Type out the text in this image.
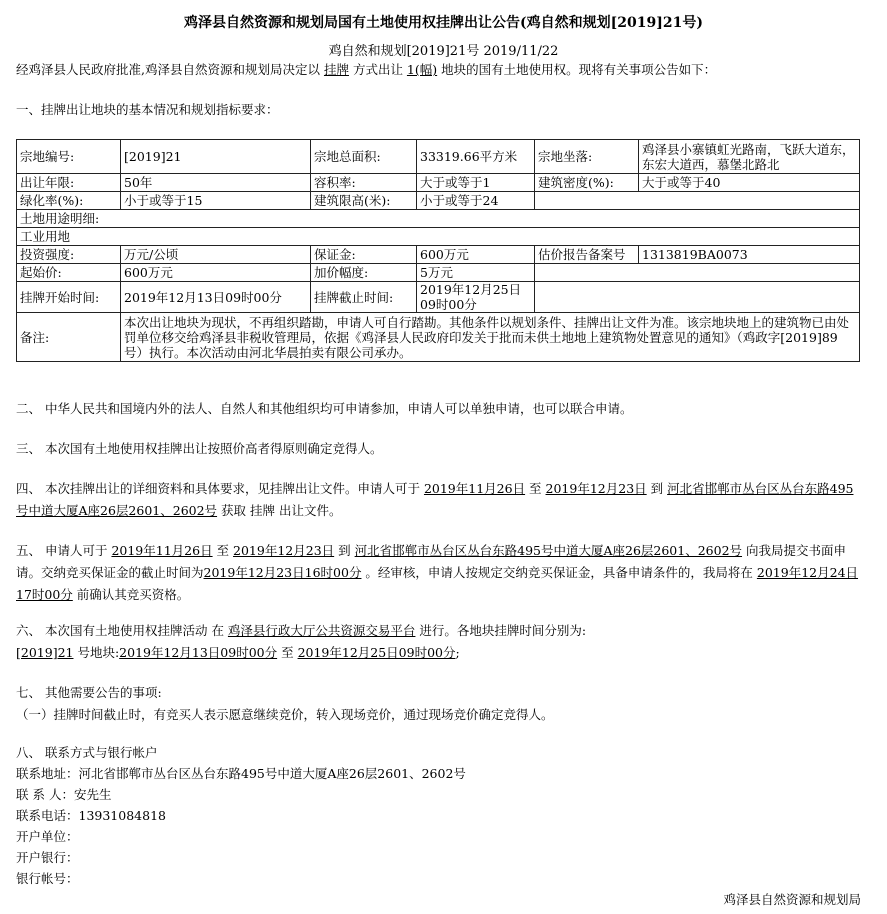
鸡泽县自然资源和规划局国有土地使用权挂牌出让公告(鸡自然和规划[2019]21号)
鸡自然和规划[2019]21号 2019/11/22
经鸡泽县人民政府批准,鸡泽县自然资源和规划局决定以 挂牌 方式出让 1(幅) 地块的国有土地使用权。现将有关事项公告如下：
一、挂牌出让地块的基本情况和规划指标要求：
宗地编号:	[2019]21	宗地总面积:	33319.66平方米	宗地坐落:	鸡泽县小寨镇虹光路南，飞跃大道东，东宏大道西，慕堡北路北
出让年限:	50年	容积率:	大于或等于1	建筑密度(%):	大于或等于40
绿化率(%):	小于或等于15	建筑限高(米):	小于或等于24		
土地用途明细:					
工业用地					
投资强度:	万元/公顷	保证金:	600万元	估价报告备案号	1313819BA0073
起始价:	600万元	加价幅度:	5万元		
挂牌开始时间:	2019年12月13日09时00分	挂牌截止时间:	2019年12月25日09时00分		
备注:	本次出让地块为现状，不再组织踏勘，申请人可自行踏勘。其他条件以规划条件、挂牌出让文件为准。该宗地块地上的建筑物已由处罚单位移交给鸡泽县非税收管理局，依据《鸡泽县人民政府印发关于批而未供土地地上建筑物处置意见的通知》（鸡政字[2019]89号）执行。本次活动由河北华晨拍卖有限公司承办。				
二、 中华人民共和国境内外的法人、自然人和其他组织均可申请参加，申请人可以单独申请，也可以联合申请。
三、 本次国有土地使用权挂牌出让按照价高者得原则确定竞得人。
四、 本次挂牌出让的详细资料和具体要求，见挂牌出让文件。申请人可于 2019年11月26日 至 2019年12月23日 到 河北省邯郸市丛台区丛台东路495号中道大厦A座26层2601、2602号 获取 挂牌 出让文件。
五、 申请人可于 2019年11月26日 至 2019年12月23日 到 河北省邯郸市丛台区丛台东路495号中道大厦A座26层2601、2602号 向我局提交书面申请。交纳竞买保证金的截止时间为2019年12月23日16时00分 。经审核，申请人按规定交纳竞买保证金，具备申请条件的，我局将在 2019年12月24日17时00分 前确认其竞买资格。
六、 本次国有土地使用权挂牌活动 在 鸡泽县行政大厅公共资源交易平台 进行。各地块挂牌时间分别为:
[2019]21 号地块:2019年12月13日09时00分 至 2019年12月25日09时00分;
七、 其他需要公告的事项:
（一）挂牌时间截止时，有竞买人表示愿意继续竞价，转入现场竞价，通过现场竞价确定竞得人。
八、 联系方式与银行帐户
联系地址：河北省邯郸市丛台区丛台东路495号中道大厦A座26层2601、2602号
联 系 人：安先生
联系电话：13931084818
开户单位：
开户银行：
银行帐号：
鸡泽县自然资源和规划局
